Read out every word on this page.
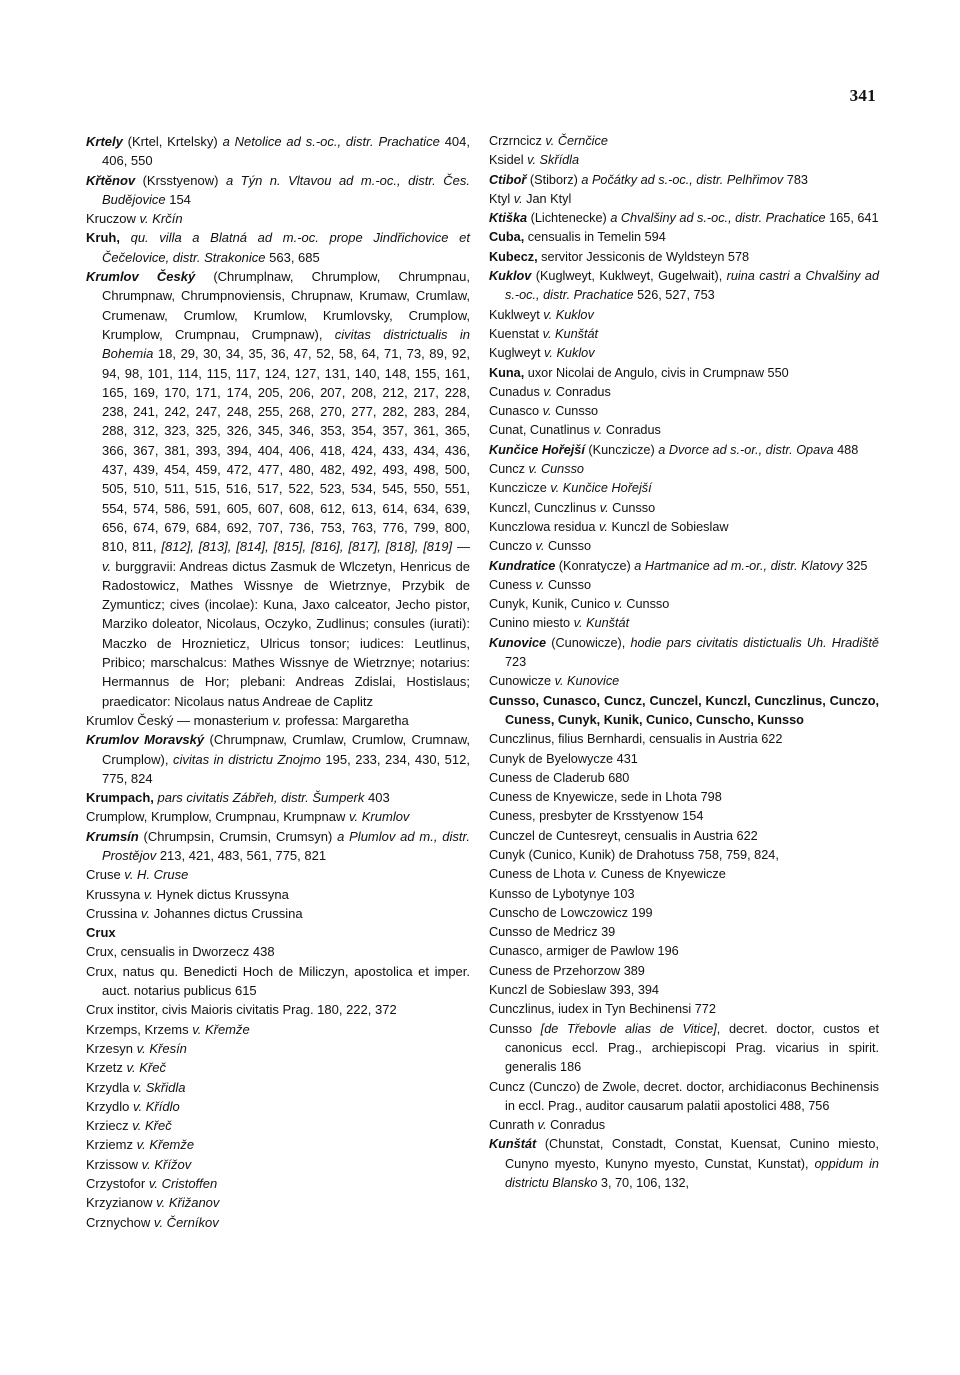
341

Krtely (Krtel, Krtelsky) a Netolice ad s.-oc., distr. Prachatice 404, 406, 550

Křtěnov (Krsstyenow) a Týn n. Vltavou ad m.-oc., distr. Čes. Budějovice 154

Kruczow v. Krčín

Kruh, qu. villa a Blatná ad m.-oc. prope Jindřichovice et Čečelovice, distr. Strakonice 563, 685

Krumlov Český (Chrumplnaw, Chrumplow, Chrumpnau, Chrumpnaw, Chrumpnoviensis, Chrupnaw, Krumaw, Crumlaw, Crumenaw, Crumlow, Krumlow, Krumlovsky, Crumplow, Krumplow, Crumpnau, Crumpnaw), civitas districtualis in Bohemia 18, 29, 30, 34, 35, 36, 47, 52, 58, 64, 71, 73, 89, 92, 94, 98, 101, 114, 115, 117, 124, 127, 131, 140, 148, 155, 161, 165, 169, 170, 171, 174, 205, 206, 207, 208, 212, 217, 228, 238, 241, 242, 247, 248, 255, 268, 270, 277, 282, 283, 284, 288, 312, 323, 325, 326, 345, 346, 353, 354, 357, 361, 365, 366, 367, 381, 393, 394, 404, 406, 418, 424, 433, 434, 436, 437, 439, 454, 459, 472, 477, 480, 482, 492, 493, 498, 500, 505, 510, 511, 515, 516, 517, 522, 523, 534, 545, 550, 551, 554, 574, 586, 591, 605, 607, 608, 612, 613, 614, 634, 639, 656, 674, 679, 684, 692, 707, 736, 753, 763, 776, 799, 800, 810, 811, [812], [813], [814], [815], [816], [817], [818], [819] — v. burggravii: Andreas dictus Zasmuk de Wlczetyn, Henricus de Radostowicz, Mathes Wissnye de Wietrznye, Przybik de Zymunticz; cives (incolae): Kuna, Jaxo calceator, Jecho pistor, Marziko doleator, Nicolaus, Oczyko, Zudlinus; consules (iurati): Maczko de Hroznieticz, Ulricus tonsor; iudices: Leutlinus, Pribico; marschalcus: Mathes Wissnye de Wietrznye; notarius: Hermannus de Hor; plebani: Andreas Zdislai, Hostislaus; praedicator: Nicolaus natus Andreae de Caplitz

Krumlov Český — monasterium v. professa: Margaretha

Krumlov Moravský (Chrumpnaw, Crumlaw, Crumlow, Crumnaw, Crumplow), civitas in districtu Znojmo 195, 233, 234, 430, 512, 775, 824

Krumpach, pars civitatis Zábřeh, distr. Šumperk 403

Crumplow, Krumplow, Crumpnau, Krumpnaw v. Krumlov

Krumsín (Chrumpsin, Crumsin, Crumsyn) a Plumlov ad m., distr. Prostějov 213, 421, 483, 561, 775, 821

Cruse v. H. Cruse

Krussyna v. Hynek dictus Krussyna

Crussina v. Johannes dictus Crussina

Crux

Crux, censualis in Dworzecz 438

Crux, natus qu. Benedicti Hoch de Miliczyn, apostolica et imper. auct. notarius publicus 615

Crux institor, civis Maioris civitatis Prag. 180, 222, 372

Krzemps, Krzems v. Křemže

Krzesyn v. Křesín

Krzetz v. Křeč

Krzydla v. Skřidla

Krzydlo v. Křídlo

Krziecz v. Křeč

Krziemz v. Křemže

Krzissow v. Křížov

Crzystofor v. Cristoffen

Krzyzianow v. Křižanov

Crznychow v. Černíkov

Crzrncicz v. Černčice

Ksidel v. Skřídla

Ctiboř (Stiborz) a Počátky ad s.-oc., distr. Pelhřimov 783

Ktyl v. Jan Ktyl

Ktiška (Lichtenecke) a Chvalšiny ad s.-oc., distr. Prachatice 165, 641

Cuba, censualis in Temelin 594

Kubecz, servitor Jessiconis de Wyldsteyn 578

Kuklov (Kuglweyt, Kuklweyt, Gugelwait), ruina castri a Chvalšiny ad s.-oc., distr. Prachatice 526, 527, 753

Kuklweyt v. Kuklov

Kuenstat v. Kunštát

Kuglweyt v. Kuklov

Kuna, uxor Nicolai de Angulo, civis in Crumpnaw 550

Cunadus v. Conradus

Cunasco v. Cunsso

Cunat, Cunatlinus v. Conradus

Kunčice Hořejší (Kunczicze) a Dvorce ad s.-or., distr. Opava 488

Cuncz v. Cunsso

Kunczicze v. Kunčice Hořejší

Kunczl, Cunczlinus v. Cunsso

Kunczlowa residua v. Kunczl de Sobieslaw

Cunczo v. Cunsso

Kundratice (Konratycze) a Hartmanice ad m.-or., distr. Klatovy 325

Cuness v. Cunsso

Cunyk, Kunik, Cunico v. Cunsso

Cunino miesto v. Kunštát

Kunovice (Cunowicze), hodie pars civitatis distictualis Uh. Hradiště 723

Cunowicze v. Kunovice

Cunsso, Cunasco, Cuncz, Cunczel, Kunczl, Cunczlinus, Cunczo, Cuness, Cunyk, Kunik, Cunico, Cunscho, Kunsso

Cunczlinus, filius Bernhardi, censualis in Austria 622

Cunyk de Byelowycze 431

Cuness de Claderub 680

Cuness de Knyewicze, sede in Lhota 798

Cuness, presbyter de Krsstyenow 154

Cunczel de Cuntesreyt, censualis in Austria 622

Cunyk (Cunico, Kunik) de Drahotuss 758, 759, 824,

Cuness de Lhota v. Cuness de Knyewicze

Kunsso de Lybotynye 103

Cunscho de Lowczowicz 199

Cunsso de Medricz 39

Cunasco, armiger de Pawlow 196

Cuness de Przehorzow 389

Kunczl de Sobieslaw 393, 394

Cunczlinus, iudex in Tyn Bechinensi 772

Cunsso [de Třebovle alias de Vitice], decret. doctor, custos et canonicus eccl. Prag., archiepiscopi Prag. vicarius in spirit. generalis 186

Cuncz (Cunczo) de Zwole, decret. doctor, archidiaconus Bechinensis in eccl. Prag., auditor causarum palatii apostolici 488, 756

Cunrath v. Conradus

Kunštát (Chunstat, Constadt, Constat, Kuensat, Cunino miesto, Cunyno myesto, Kunyno myesto, Cunstat, Kunstat), oppidum in districtu Blansko 3, 70, 106, 132,
